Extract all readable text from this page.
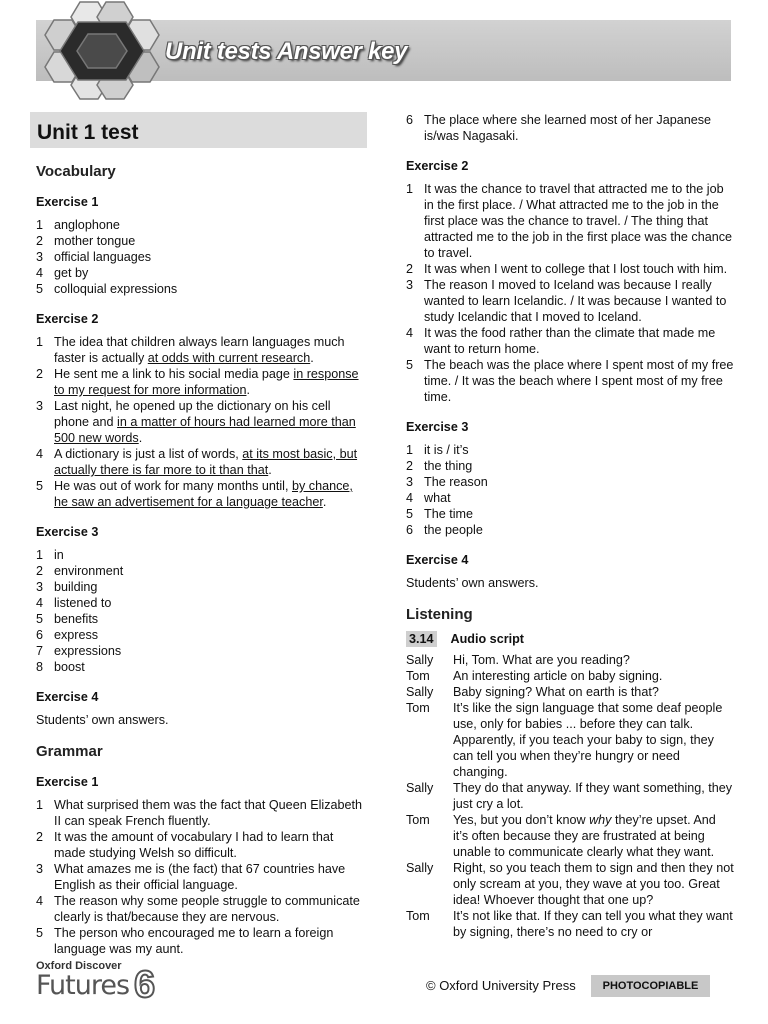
Unit tests Answer key
Unit 1 test
Vocabulary
Exercise 1
1 anglophone
2 mother tongue
3 official languages
4 get by
5 colloquial expressions
Exercise 2
1 The idea that children always learn languages much faster is actually at odds with current research.
2 He sent me a link to his social media page in response to my request for more information.
3 Last night, he opened up the dictionary on his cell phone and in a matter of hours had learned more than 500 new words.
4 A dictionary is just a list of words, at its most basic, but actually there is far more to it than that.
5 He was out of work for many months until, by chance, he saw an advertisement for a language teacher.
Exercise 3
1 in
2 environment
3 building
4 listened to
5 benefits
6 express
7 expressions
8 boost
Exercise 4

Students’ own answers.

Grammar
Exercise 1
1 What surprised them was the fact that Queen Elizabeth II can speak French fluently.
2 It was the amount of vocabulary I had to learn that made studying Welsh so difficult.
3 What amazes me is (the fact) that 67 countries have English as their official language.
4 The reason why some people struggle to communicate clearly is that/because they are nervous.
5 The person who encouraged me to learn a foreign language was my aunt.
6 The place where she learned most of her Japanese is/was Nagasaki.
Exercise 2
1 It was the chance to travel that attracted me to the job in the first place. / What attracted me to the job in the first place was the chance to travel. / The thing that attracted me to the job in the first place was the chance to travel.
2 It was when I went to college that I lost touch with him.
3 The reason I moved to Iceland was because I really wanted to learn Icelandic. / It was because I wanted to study Icelandic that I moved to Iceland.
4 It was the food rather than the climate that made me want to return home.
5 The beach was the place where I spent most of my free time. / It was the beach where I spent most of my free time.
Exercise 3
1 it is / it’s
2 the thing
3 The reason
4 what
5 The time
6 the people
Exercise 4

Students’ own answers.

Listening
3.14 Audio script
Sally	Hi, Tom. What are you reading?
Tom	An interesting article on baby signing.
Sally	Baby signing? What on earth is that?
Tom	It’s like the sign language that some deaf people use, only for babies ... before they can talk. Apparently, if you teach your baby to sign, they can tell you when they’re hungry or need changing.
Sally	They do that anyway. If they want something, they just cry a lot.
Tom	Yes, but you don’t know why they’re upset. And it’s often because they are frustrated at being unable to communicate clearly what they want.
Sally	Right, so you teach them to sign and then they not only scream at you, they wave at you too. Great idea! Whoever thought that one up?
Tom	It’s not like that. If they can tell you what they want by signing, there’s no need to cry or
Oxford Discover
Futures 6	© Oxford University Press	PHOTOCOPIABLE
